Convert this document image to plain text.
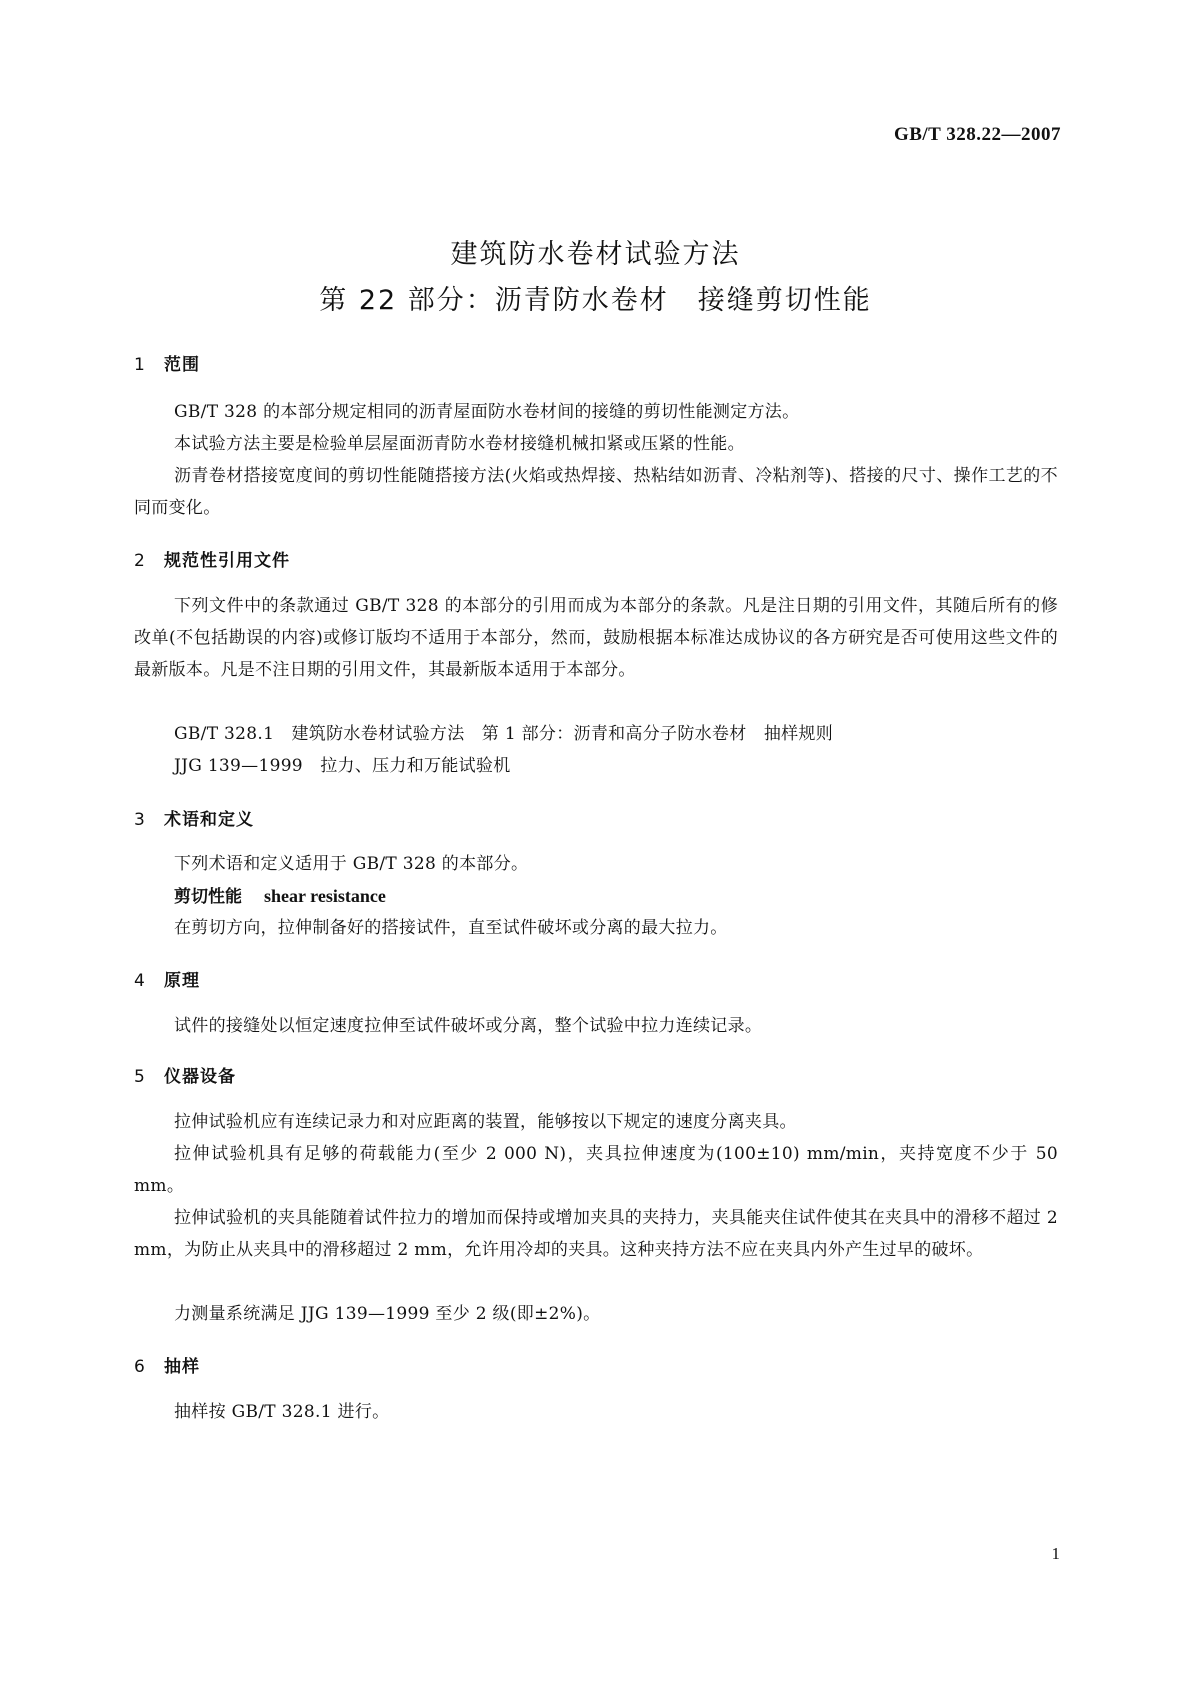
GB/T 328.22—2007
建筑防水卷材试验方法
第 22 部分：沥青防水卷材　接缝剪切性能
1 范围
GB/T 328 的本部分规定相同的沥青屋面防水卷材间的接缝的剪切性能测定方法。
本试验方法主要是检验单层屋面沥青防水卷材接缝机械扣紧或压紧的性能。
沥青卷材搭接宽度间的剪切性能随搭接方法(火焰或热焊接、热粘结如沥青、冷粘剂等)、搭接的尺寸、操作工艺的不同而变化。
2 规范性引用文件
下列文件中的条款通过 GB/T 328 的本部分的引用而成为本部分的条款。凡是注日期的引用文件，其随后所有的修改单(不包括勘误的内容)或修订版均不适用于本部分，然而，鼓励根据本标准达成协议的各方研究是否可使用这些文件的最新版本。凡是不注日期的引用文件，其最新版本适用于本部分。
GB/T 328.1　建筑防水卷材试验方法　第 1 部分：沥青和高分子防水卷材　抽样规则
JJG 139—1999　拉力、压力和万能试验机
3 术语和定义
下列术语和定义适用于 GB/T 328 的本部分。
剪切性能 shear resistance
在剪切方向，拉伸制备好的搭接试件，直至试件破坏或分离的最大拉力。
4 原理
试件的接缝处以恒定速度拉伸至试件破坏或分离，整个试验中拉力连续记录。
5 仪器设备
拉伸试验机应有连续记录力和对应距离的装置，能够按以下规定的速度分离夹具。
拉伸试验机具有足够的荷载能力(至少 2 000 N)，夹具拉伸速度为(100±10) mm/min，夹持宽度不少于 50 mm。
拉伸试验机的夹具能随着试件拉力的增加而保持或增加夹具的夹持力，夹具能夹住试件使其在夹具中的滑移不超过 2 mm，为防止从夹具中的滑移超过 2 mm，允许用冷却的夹具。这种夹持方法不应在夹具内外产生过早的破坏。
力测量系统满足 JJG 139—1999 至少 2 级(即±2%)。
6 抽样
抽样按 GB/T 328.1 进行。
1
